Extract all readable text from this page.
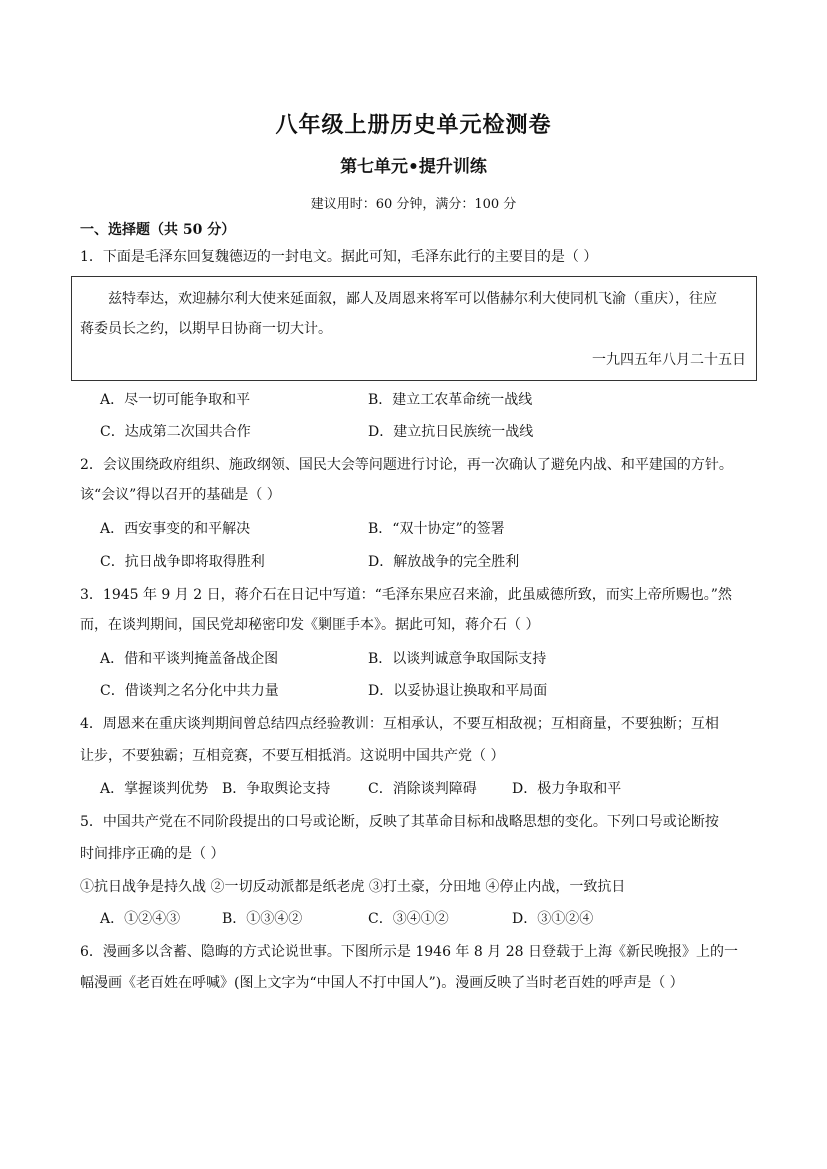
八年级上册历史单元检测卷
第七单元•提升训练
建议用时：60 分钟，满分：100 分
一、选择题（共 50 分）
1．下面是毛泽东回复魏德迈的一封电文。据此可知，毛泽东此行的主要目的是（ ）
兹特奉达，欢迎赫尔利大使来延面叙，鄙人及周恩来将军可以偕赫尔利大使同机飞渝（重庆），往应
蒋委员长之约，以期早日协商一切大计。
一九四五年八月二十五日
A．尽一切可能争取和平	B．建立工农革命统一战线
C．达成第二次国共合作	D．建立抗日民族统一战线
2．会议围绕政府组织、施政纲领、国民大会等问题进行讨论，再一次确认了避免内战、和平建国的方针。
该“会议”得以召开的基础是（ ）
A．西安事变的和平解决	B．“双十协定”的签署
C．抗日战争即将取得胜利	D．解放战争的完全胜利
3．1945 年 9 月 2 日，蒋介石在日记中写道：“毛泽东果应召来渝，此虽威德所致，而实上帝所赐也。”然
而，在谈判期间，国民党却秘密印发《剿匪手本》。据此可知，蒋介石（ ）
A．借和平谈判掩盖备战企图	B．以谈判诚意争取国际支持
C．借谈判之名分化中共力量	D．以妥协退让换取和平局面
4．周恩来在重庆谈判期间曾总结四点经验教训：互相承认，不要互相敌视；互相商量，不要独断；互相
让步，不要独霸；互相竞赛，不要互相抵消。这说明中国共产党（ ）
A．掌握谈判优势 B．争取舆论支持	C．消除谈判障碍	D．极力争取和平
5．中国共产党在不同阶段提出的口号或论断，反映了其革命目标和战略思想的变化。下列口号或论断按
时间排序正确的是（ ）
①抗日战争是持久战 ②一切反动派都是纸老虎 ③打土豪，分田地 ④停止内战，一致抗日
A．①②④③	B．①③④②	C．③④①②	D．③①②④
6．漫画多以含蓄、隐晦的方式论说世事。下图所示是 1946 年 8 月 28 日登载于上海《新民晚报》上的一
幅漫画《老百姓在呼喊》(图上文字为“中国人不打中国人”)。漫画反映了当时老百姓的呼声是（ ）
